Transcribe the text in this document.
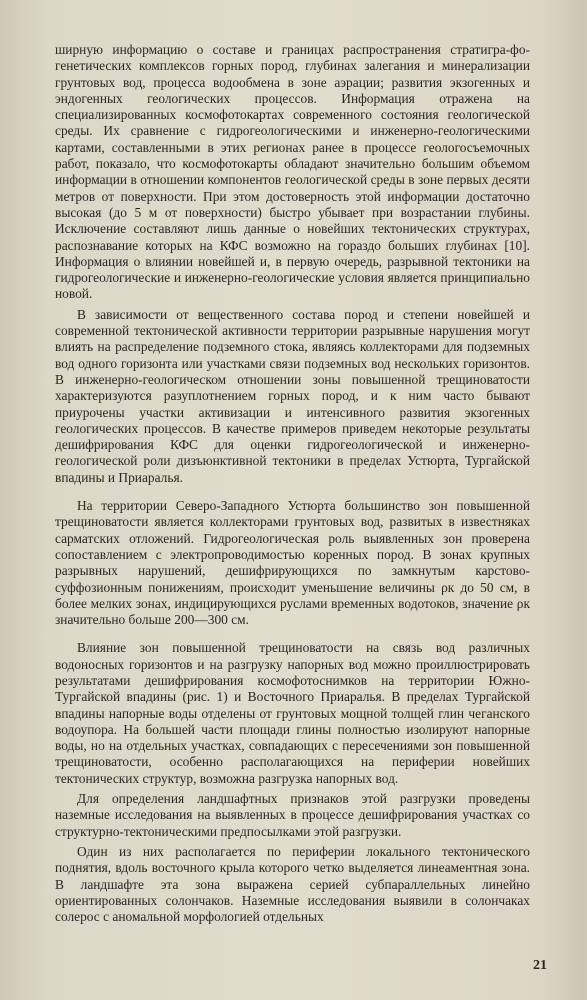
ширную информацию о составе и границах распространения стратигра-фо-генетических комплексов горных пород, глубинах залегания и минерализации грунтовых вод, процесса водообмена в зоне аэрации; развития экзогенных и эндогенных геологических процессов. Информация отражена на специализированных космофотокартах современного состояния геологической среды. Их сравнение с гидрогеологическими и инженерно-геологическими картами, составленными в этих регионах ранее в процессе геологосъемочных работ, показало, что космофотокарты обладают значительно большим объемом информации в отношении компонентов геологической среды в зоне первых десяти метров от поверхности. При этом достоверность этой информации достаточно высокая (до 5 м от поверхности) быстро убывает при возрастании глубины. Исключение составляют лишь данные о новейших тектонических структурах, распознавание которых на КФС возможно на гораздо больших глубинах [10]. Информация о влиянии новейшей и, в первую очередь, разрывной тектоники на гидрогеологические и инженерно-геологические условия является принципиально новой.

В зависимости от вещественного состава пород и степени новейшей и современной тектонической активности территории разрывные нарушения могут влиять на распределение подземного стока, являясь коллекторами для подземных вод одного горизонта или участками связи подземных вод нескольких горизонтов. В инженерно-геологическом отношении зоны повышенной трещиноватости характеризуются разуплотнением горных пород, и к ним часто бывают приурочены участки активизации и интенсивного развития экзогенных геологических процессов. В качестве примеров приведем некоторые результаты дешифрирования КФС для оценки гидрогеологической и инженерно-геологической роли дизъюнктивной тектоники в пределах Устюрта, Тургайской впадины и Приаралья.

На территории Северо-Западного Устюрта большинство зон повышенной трещиноватости является коллекторами грунтовых вод, развитых в известняках сарматских отложений. Гидрогеологическая роль выявленных зон проверена сопоставлением с электропроводимостью коренных пород. В зонах крупных разрывных нарушений, дешифрирующихся по замкнутым карстово-суффозионным понижениям, происходит уменьшение величины ρк до 50 см, в более мелких зонах, индицирующихся руслами временных водотоков, значение ρк значительно больше 200—300 см.

Влияние зон повышенной трещиноватости на связь вод различных водоносных горизонтов и на разгрузку напорных вод можно проиллюстрировать результатами дешифрирования космофотоснимков на территории Южно-Тургайской впадины (рис. 1) и Восточного Приаралья. В пределах Тургайской впадины напорные воды отделены от грунтовых мощной толщей глин чеганского водоупора. На большей части площади глины полностью изолируют напорные воды, но на отдельных участках, совпадающих с пересечениями зон повышенной трещиноватости, особенно располагающихся на периферии новейших тектонических структур, возможна разгрузка напорных вод.

Для определения ландшафтных признаков этой разгрузки проведены наземные исследования на выявленных в процессе дешифрирования участках со структурно-тектоническими предпосылками этой разгрузки.

Один из них располагается по периферии локального тектонического поднятия, вдоль восточного крыла которого четко выделяется линеаментная зона. В ландшафте эта зона выражена серией субпараллельных линейно ориентированных солончаков. Наземные исследования выявили в солончаках солерос с аномальной морфологией отдельных

21
